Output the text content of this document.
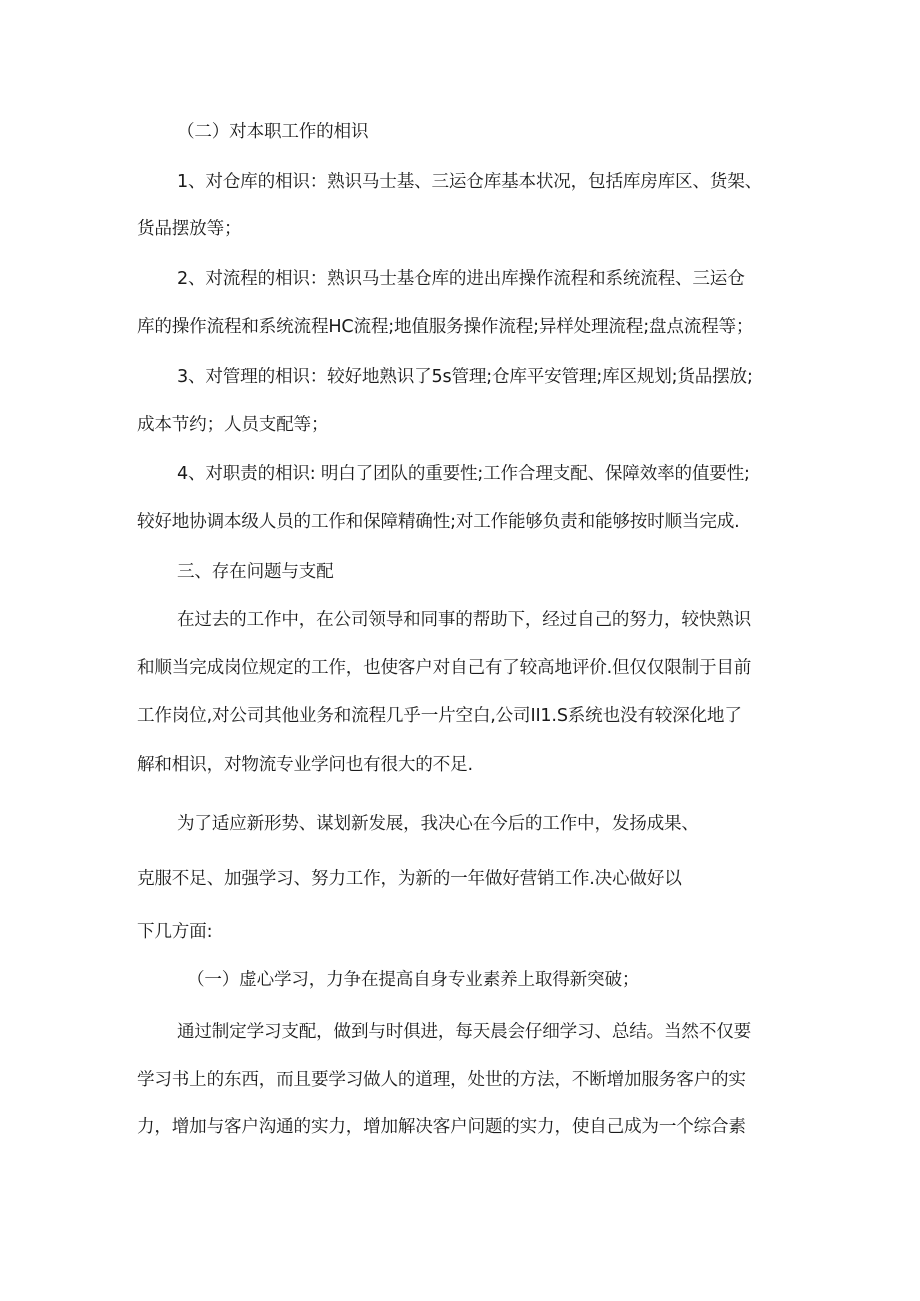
（二）对本职工作的相识
1、对仓库的相识：熟识马士基、三运仓库基本状况，包括库房库区、货架、
货品摆放等；
2、对流程的相识：熟识马士基仓库的进出库操作流程和系统流程、三运仓
库的操作流程和系统流程HC流程;地值服务操作流程;异样处理流程;盘点流程等；
3、对管理的相识：较好地熟识了5s管理;仓库平安管理;库区规划;货品摆放;
成本节约；人员支配等；
4、对职责的相识: 明白了团队的重要性;工作合理支配、保障效率的值要性;
较好地协调本级人员的工作和保障精确性;对工作能够负责和能够按时顺当完成.
三、存在问题与支配
在过去的工作中，在公司领导和同事的帮助下，经过自己的努力，较快熟识
和顺当完成岗位规定的工作，也使客户对自己有了较高地评价.但仅仅限制于目前
工作岗位,对公司其他业务和流程几乎一片空白,公司II1.S系统也没有较深化地了
解和相识，对物流专业学问也有很大的不足.
为了适应新形势、谋划新发展，我决心在今后的工作中，发扬成果、
克服不足、加强学习、努力工作，为新的一年做好营销工作.决心做好以
下几方面:
（一）虚心学习，力争在提高自身专业素养上取得新突破；
通过制定学习支配，做到与时俱进，每天晨会仔细学习、总结。当然不仅要
学习书上的东西，而且要学习做人的道理，处世的方法，不断增加服务客户的实
力，增加与客户沟通的实力，增加解决客户问题的实力，使自己成为一个综合素
